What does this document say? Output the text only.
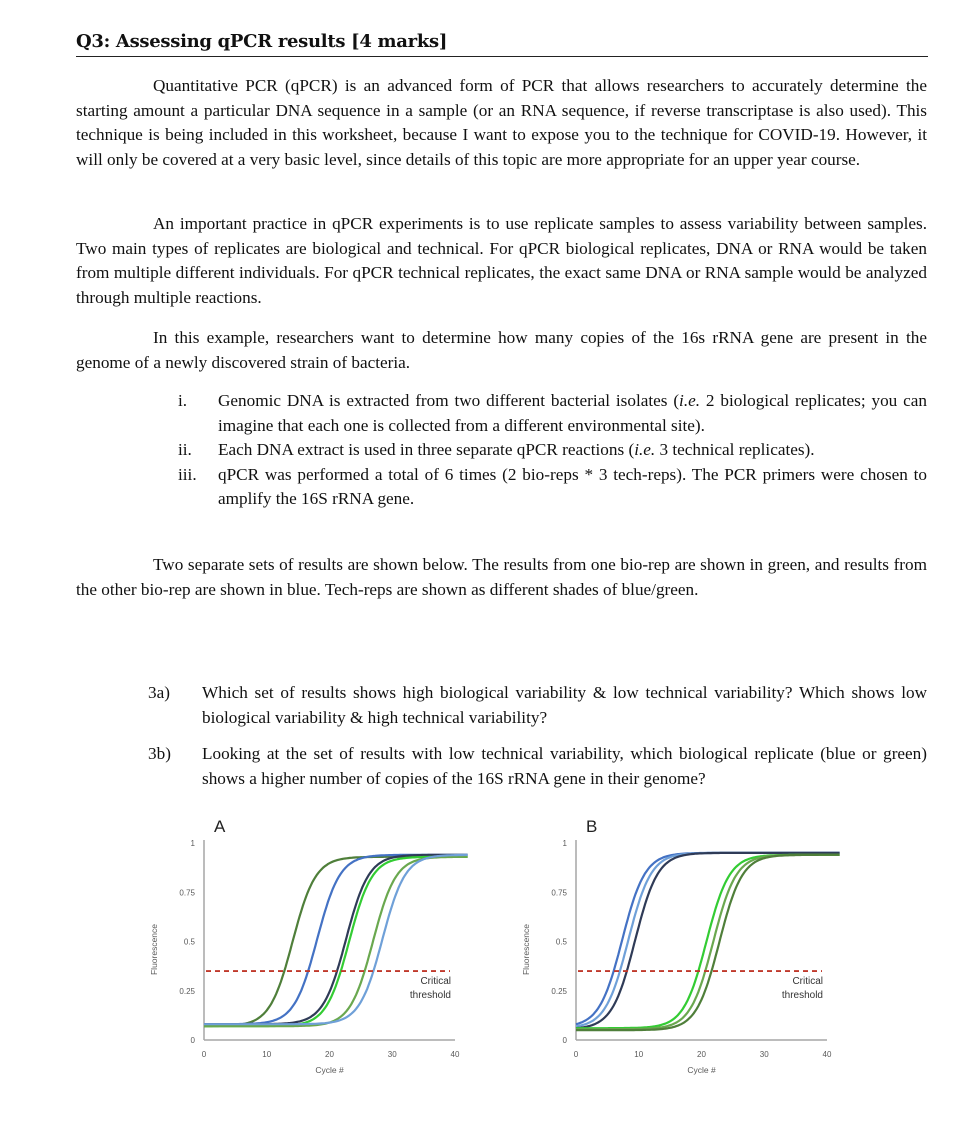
Q3: Assessing qPCR results [4 marks]
Quantitative PCR (qPCR) is an advanced form of PCR that allows researchers to accurately determine the starting amount a particular DNA sequence in a sample (or an RNA sequence, if reverse transcriptase is also used). This technique is being included in this worksheet, because I want to expose you to the technique for COVID-19. However, it will only be covered at a very basic level, since details of this topic are more appropriate for an upper year course.
An important practice in qPCR experiments is to use replicate samples to assess variability between samples. Two main types of replicates are biological and technical. For qPCR biological replicates, DNA or RNA would be taken from multiple different individuals. For qPCR technical replicates, the exact same DNA or RNA sample would be analyzed through multiple reactions.
In this example, researchers want to determine how many copies of the 16s rRNA gene are present in the genome of a newly discovered strain of bacteria.
i.	Genomic DNA is extracted from two different bacterial isolates (i.e. 2 biological replicates; you can imagine that each one is collected from a different environmental site).
ii.	Each DNA extract is used in three separate qPCR reactions (i.e. 3 technical replicates).
iii.	qPCR was performed a total of 6 times (2 bio-reps * 3 tech-reps). The PCR primers were chosen to amplify the 16S rRNA gene.
Two separate sets of results are shown below. The results from one bio-rep are shown in green, and results from the other bio-rep are shown in blue. Tech-reps are shown as different shades of blue/green.
3a)	Which set of results shows high biological variability & low technical variability? Which shows low biological variability & high technical variability?
3b)	Looking at the set of results with low technical variability, which biological replicate (blue or green) shows a higher number of copies of the 16S rRNA gene in their genome?
A
0
0.25
0.5
0.75
1
0	10	20	30	40
Cycle #
Fluorescence
Critical
threshold
B
0
0.25
0.5
0.75
1
0	10	20	30	40
Cycle #
Fluorescence
Critical
threshold
